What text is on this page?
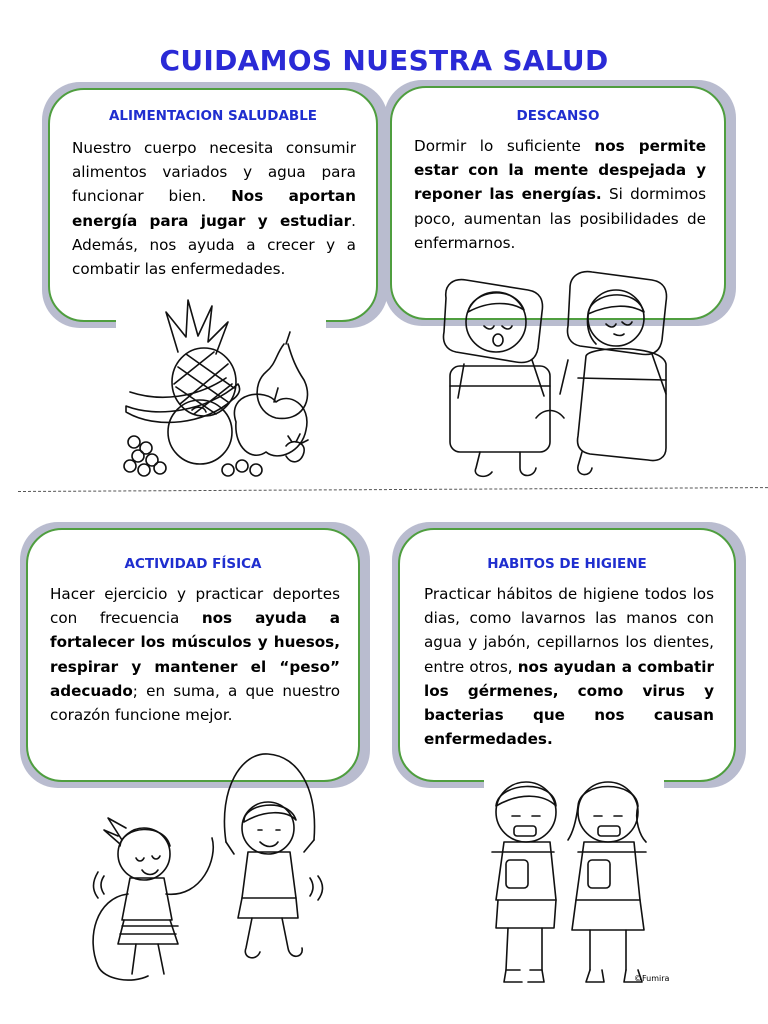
CUIDAMOS NUESTRA SALUD
ALIMENTACION SALUDABLE
Nuestro cuerpo necesita consumir alimentos variados y agua para funcionar bien. Nos aportan energía para jugar y estudiar. Además, nos ayuda a crecer y a combatir las enfermedades.
DESCANSO
Dormir lo suficiente nos permite estar con la mente despejada y reponer las energías. Si dormimos poco, aumentan las posibilidades de enfermarnos.
ACTIVIDAD FÍSICA
Hacer ejercicio y practicar deportes con frecuencia nos ayuda a fortalecer los músculos y huesos, respirar y mantener el “peso” adecuado; en suma, a que nuestro corazón funcione mejor.
HABITOS DE HIGIENE
Practicar hábitos de higiene todos los dias, como lavarnos las manos con agua y jabón, cepillarnos los dientes, entre otros, nos ayudan a combatir los gérmenes, como virus y bacterias que nos causan enfermedades.
©Fumira
